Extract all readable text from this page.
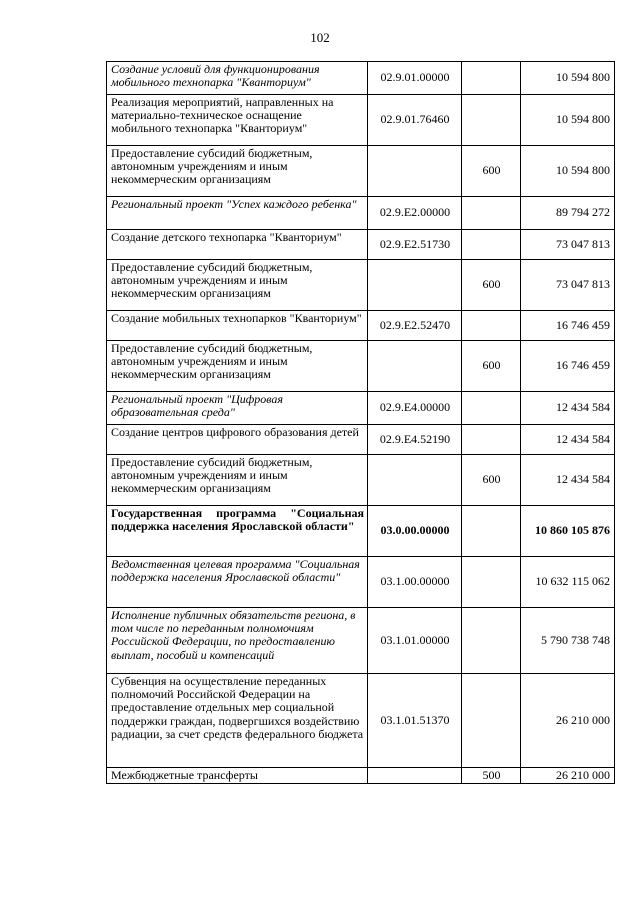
102
Создание условий для функционирования мобильного технопарка "Кванториум"	02.9.01.00000		10 594 800
Реализация мероприятий, направленных на материально-техническое оснащение мобильного технопарка "Кванториум"	02.9.01.76460		10 594 800
Предоставление субсидий бюджетным, автономным учреждениям и иным некоммерческим организациям		600	10 594 800
Региональный проект "Успех каждого ребенка"	02.9.E2.00000		89 794 272
Создание детского технопарка "Кванториум"	02.9.E2.51730		73 047 813
Предоставление субсидий бюджетным, автономным учреждениям и иным некоммерческим организациям		600	73 047 813
Создание мобильных технопарков "Кванториум"	02.9.E2.52470		16 746 459
Предоставление субсидий бюджетным, автономным учреждениям и иным некоммерческим организациям		600	16 746 459
Региональный проект "Цифровая образовательная среда"	02.9.E4.00000		12 434 584
Создание центров цифрового образования детей	02.9.E4.52190		12 434 584
Предоставление субсидий бюджетным, автономным учреждениям и иным некоммерческим организациям		600	12 434 584
Государственная программа "Социальная поддержка населения Ярославской области"	03.0.00.00000		10 860 105 876
Ведомственная целевая программа "Социальная поддержка населения Ярославской области"	03.1.00.00000		10 632 115 062
Исполнение публичных обязательств региона, в том числе по переданным полномочиям Российской Федерации, по предоставлению выплат, пособий и компенсаций	03.1.01.00000		5 790 738 748
Субвенция на осуществление переданных полномочий Российской Федерации на предоставление отдельных мер социальной поддержки граждан, подвергшихся воздействию радиации, за счет средств федерального бюджета	03.1.01.51370		26 210 000
Межбюджетные трансферты		500	26 210 000
